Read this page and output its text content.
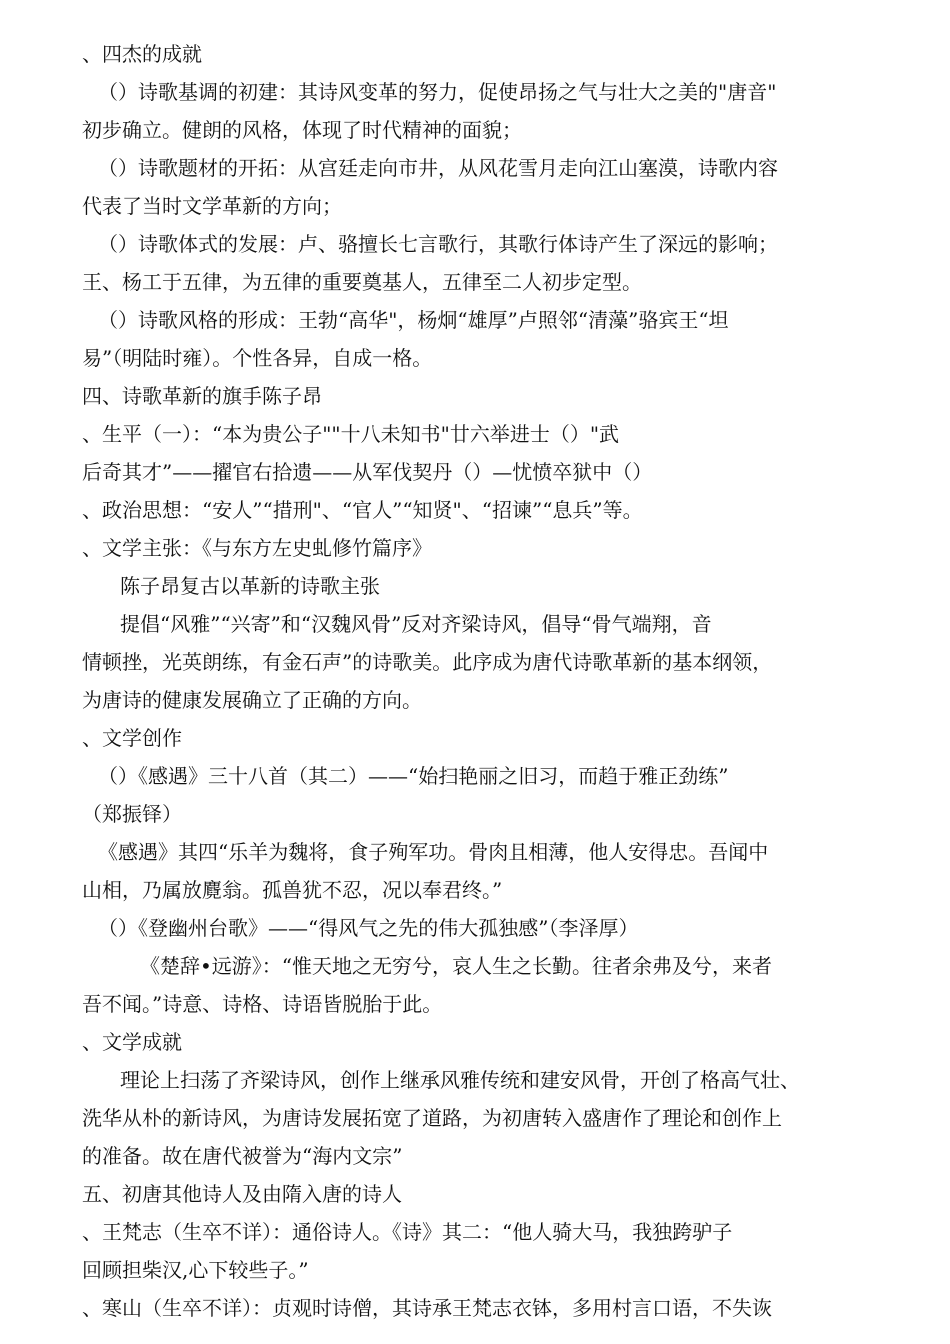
、四杰的成就
（）诗歌基调的初建：其诗风变革的努力，促使昂扬之气与壮大之美的"唐音"
初步确立。健朗的风格，体现了时代精神的面貌；
（）诗歌题材的开拓：从宫廷走向市井，从风花雪月走向江山塞漠，诗歌内容
代表了当时文学革新的方向；
（）诗歌体式的发展：卢、骆擅长七言歌行，其歌行体诗产生了深远的影响；
王、杨工于五律，为五律的重要奠基人，五律至二人初步定型。
（）诗歌风格的形成：王勃“高华"，杨炯“雄厚”卢照邻“清藻”骆宾王“坦
易”（明陆时雍）。个性各异，自成一格。
四、诗歌革新的旗手陈子昂
、生平（一）：“本为贵公子""十八未知书"廿六举进士（）"武
后奇其才”——擢官右拾遗——从军伐契丹（）—忧愤卒狱中（）
、政治思想：“安人”“措刑"、“官人”“知贤"、“招谏”“息兵”等。
、文学主张：《与东方左史虬修竹篇序》
陈子昂复古以革新的诗歌主张
提倡“风雅”“兴寄”和“汉魏风骨”反对齐梁诗风，倡导“骨气端翔，音
情顿挫，光英朗练，有金石声”的诗歌美。此序成为唐代诗歌革新的基本纲领，
为唐诗的健康发展确立了正确的方向。
、文学创作
（）《感遇》三十八首（其二）——“始扫艳丽之旧习，而趋于雅正劲练”
（郑振铎）
《感遇》其四“乐羊为魏将，食子殉军功。骨肉且相薄，他人安得忠。吾闻中
山相，乃属放麑翁。孤兽犹不忍，况以奉君终。”
（）《登幽州台歌》——“得风气之先的伟大孤独感”（李泽厚）
《楚辞•远游》：“惟天地之无穷兮，哀人生之长勤。往者余弗及兮，来者
吾不闻。”诗意、诗格、诗语皆脱胎于此。
、文学成就
理论上扫荡了齐梁诗风，创作上继承风雅传统和建安风骨，开创了格高气壮、
洗华从朴的新诗风，为唐诗发展拓宽了道路，为初唐转入盛唐作了理论和创作上
的准备。故在唐代被誉为“海内文宗”
五、初唐其他诗人及由隋入唐的诗人
、王梵志（生卒不详）：通俗诗人。《诗》其二：“他人骑大马，我独跨驴子
回顾担柴汉,心下较些子。”
、寒山（生卒不详）：贞观时诗僧，其诗承王梵志衣钵，多用村言口语，不失诙
